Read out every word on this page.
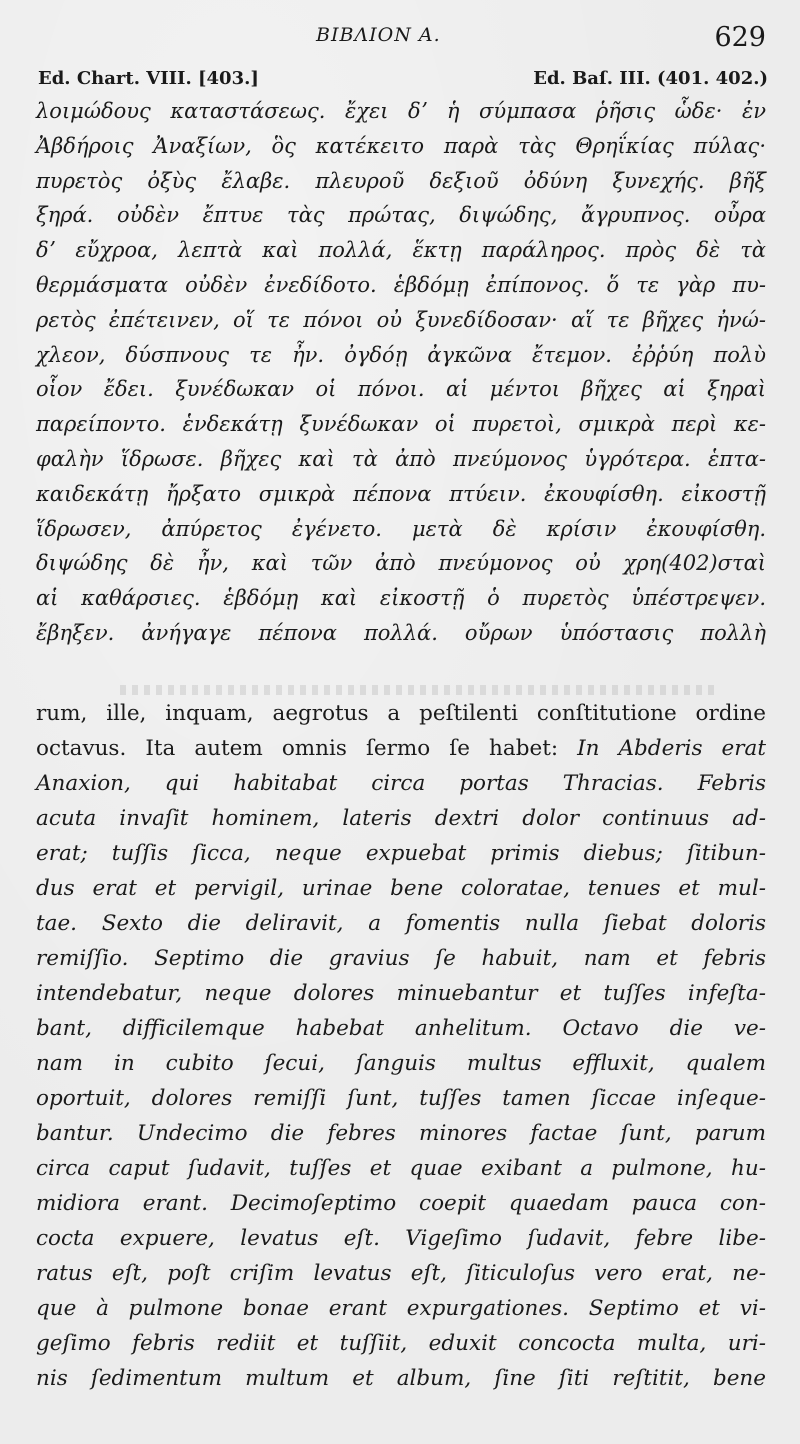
ΒΙΒΛΙΟΝ Α.	629
Ed. Chart. VIII. [403.]	Ed. Baſ. III. (401. 402.)
λοιμώδους καταστάσεως. ἔχει δʼ ἡ σύμπασα ῥῆσις ὧδε· ἐν
Ἀβδήροις Ἀναξίων, ὃς κατέκειτο παρὰ τὰς Θρηΐκίας πύλας·
πυρετὸς ὀξὺς ἔλαβε. πλευροῦ δεξιοῦ ὀδύνη ξυνεχής. βῆξ
ξηρά. οὐδὲν ἔπτυε τὰς πρώτας, διψώδης, ἄγρυπνος. οὖρα
δʼ εὔχροα, λεπτὰ καὶ πολλά, ἕκτῃ παράληρος. πρὸς δὲ τὰ
θερμάσματα οὐδὲν ἐνεδίδοτο. ἑβδόμῃ ἐπίπονος. ὅ τε γὰρ πυ-
ρετὸς ἐπέτεινεν, οἵ τε πόνοι οὐ ξυνεδίδοσαν· αἵ τε βῆχες ἠνώ-
χλεον, δύσπνους τε ἦν. ὀγδόῃ ἀγκῶνα ἔτεμον. ἐῤῥύη πολὺ
οἷον ἔδει. ξυνέδωκαν οἱ πόνοι. αἱ μέντοι βῆχες αἱ ξηραὶ
παρείποντο. ἑνδεκάτῃ ξυνέδωκαν οἱ πυρετοὶ, σμικρὰ περὶ κε-
φαλὴν ἵδρωσε. βῆχες καὶ τὰ ἀπὸ πνεύμονος ὑγρότερα. ἑπτα-
καιδεκάτῃ ἤρξατο σμικρὰ πέπονα πτύειν. ἐκουφίσθη. εἰκοστῇ
ἵδρωσεν, ἀπύρετος ἐγένετο. μετὰ δὲ κρίσιν ἐκουφίσθη.
διψώδης δὲ ἦν, καὶ τῶν ἀπὸ πνεύμονος οὐ χρη(402)σταὶ
αἱ καθάρσιες. ἑβδόμῃ καὶ εἰκοστῇ ὁ πυρετὸς ὑπέστρεψεν.
ἔβηξεν. ἀνήγαγε πέπονα πολλά. οὔρων ὑπόστασις πολλὴ
rum, ille, inquam, aegrotus a peſtilenti conſtitutione ordine
octavus. Ita autem omnis ſermo ſe habet: In Abderis erat
Anaxion, qui habitabat circa portas Thracias. Febris
acuta invaſit hominem, lateris dextri dolor continuus ad-
erat; tuſſis ſicca, neque expuebat primis diebus; ſitibun-
dus erat et pervigil, urinae bene coloratae, tenues et mul-
tae. Sexto die deliravit, a fomentis nulla ſiebat doloris
remiſſio. Septimo die gravius ſe habuit, nam et febris
intendebatur, neque dolores minuebantur et tuſſes infeſta-
bant, difficilemque habebat anhelitum. Octavo die ve-
nam in cubito ſecui, ſanguis multus effluxit, qualem
oportuit, dolores remiſſi ſunt, tuſſes tamen ſiccae inſeque-
bantur. Undecimo die febres minores factae ſunt, parum
circa caput ſudavit, tuſſes et quae exibant a pulmone, hu-
midiora erant. Decimoſeptimo coepit quaedam pauca con-
cocta expuere, levatus eſt. Vigeſimo ſudavit, febre libe-
ratus eſt, poſt criſim levatus eſt, ſiticuloſus vero erat, ne-
que à pulmone bonae erant expurgationes. Septimo et vi-
geſimo febris rediit et tuſſiit, eduxit concocta multa, uri-
nis ſedimentum multum et album, ſine ſiti reſtitit, bene
